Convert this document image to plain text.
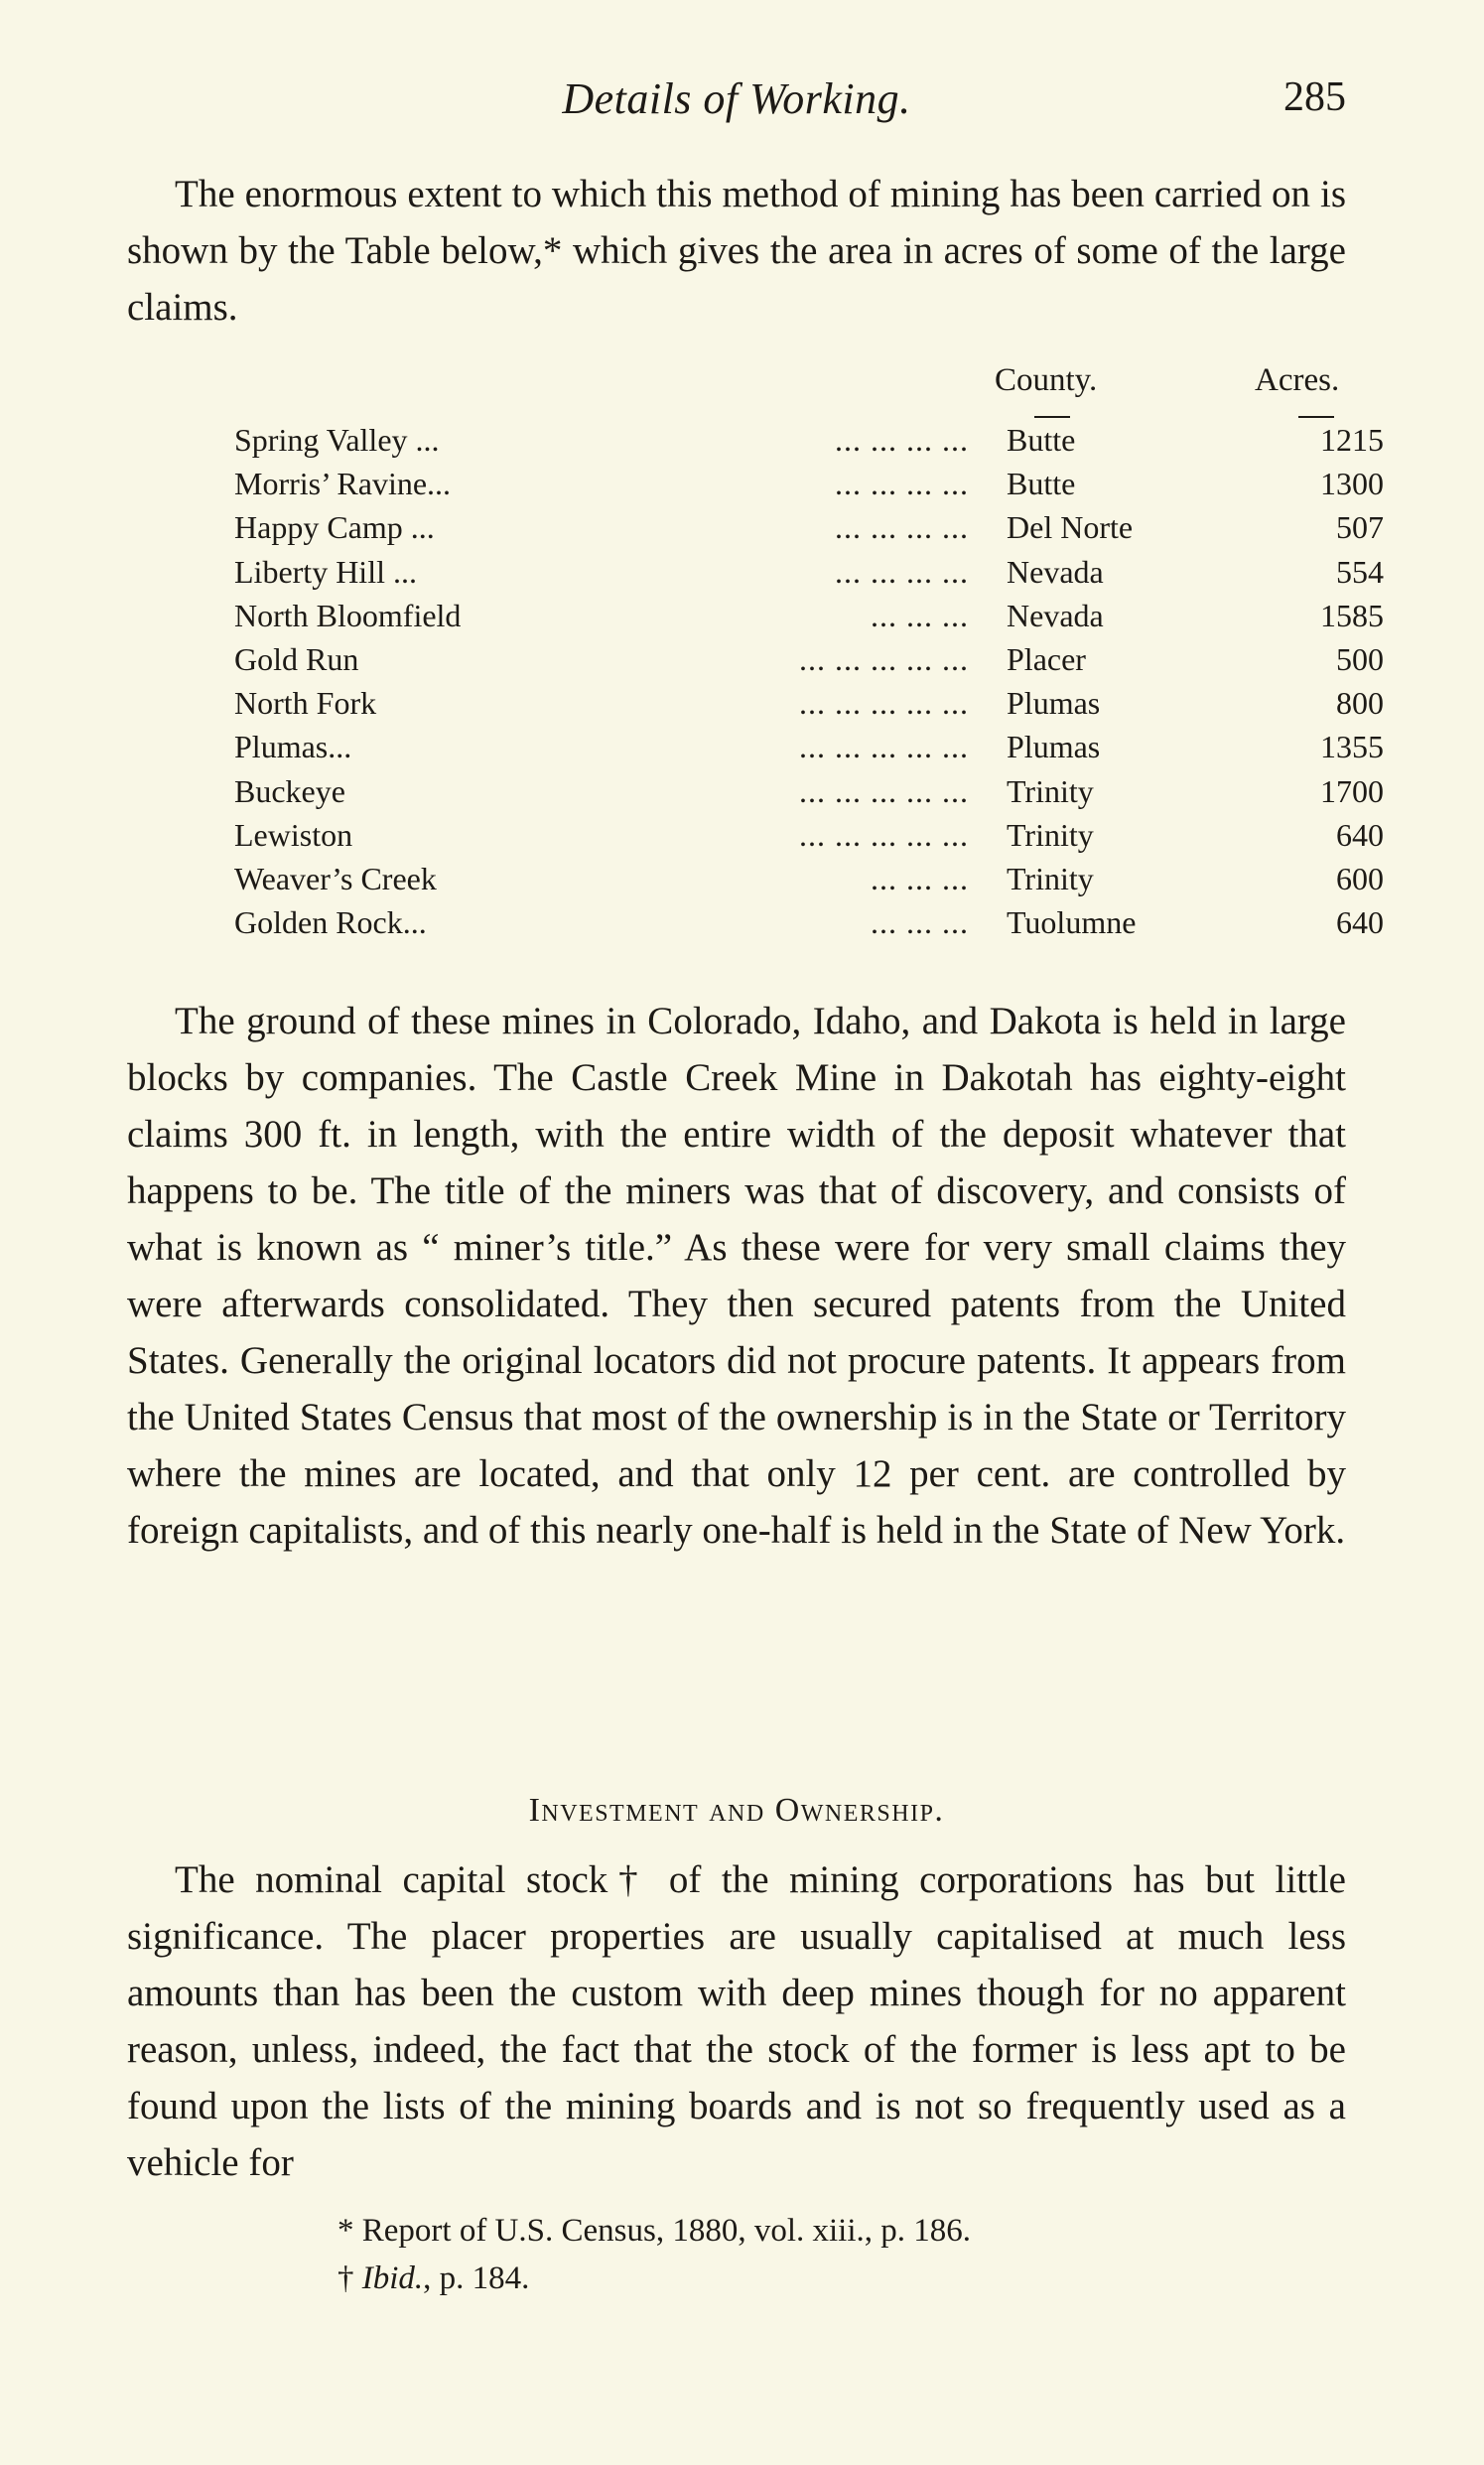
Details of Working.	285

The enormous extent to which this method of mining has been carried on is shown by the Table below,* which gives the area in acres of some of the large claims.

County.	Acres.
Spring Valley ...	... ... ... ... Butte	1215
Morris’ Ravine...	... ... ... ... Butte	1300
Happy Camp ...	... ... ... ... Del Norte	507
Liberty Hill ...	... ... ... ... Nevada	554
North Bloomfield	... ... ... Nevada	1585
Gold Run	... ... ... ... ... Placer	500
North Fork	... ... ... ... ... Plumas	800
Plumas...	... ... ... ... ... Plumas	1355
Buckeye	... ... ... ... ... Trinity	1700
Lewiston	... ... ... ... ... Trinity	640
Weaver’s Creek	... ... ... Trinity	600
Golden Rock...	... ... ... Tuolumne	640

The ground of these mines in Colorado, Idaho, and Dakota is held in large blocks by companies. The Castle Creek Mine in Dakotah has eighty-eight claims 300 ft. in length, with the entire width of the deposit whatever that happens to be. The title of the miners was that of discovery, and consists of what is known as “ miner’s title.” As these were for very small claims they were afterwards consolidated. They then secured patents from the United States. Generally the original locators did not procure patents. It appears from the United States Census that most of the ownership is in the State or Territory where the mines are located, and that only 12 per cent. are controlled by foreign capitalists, and of this nearly one-half is held in the State of New York.

Investment and Ownership.

The nominal capital stock† of the mining corporations has but little significance. The placer properties are usually capitalised at much less amounts than has been the custom with deep mines though for no apparent reason, unless, indeed, the fact that the stock of the former is less apt to be found upon the lists of the mining boards and is not so frequently used as a vehicle for

* Report of U.S. Census, 1880, vol. xiii., p. 186.
† Ibid., p. 184.
